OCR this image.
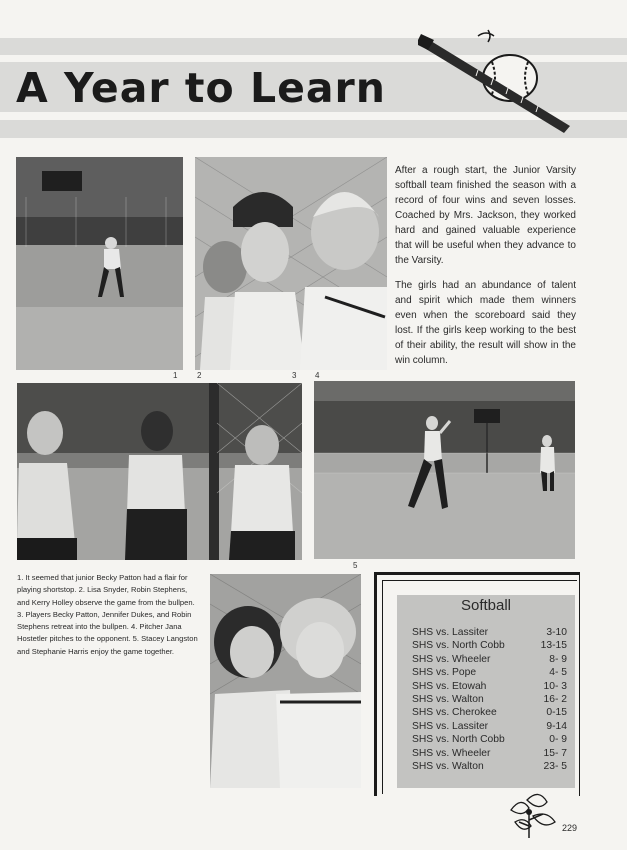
A Year to Learn
1 2	3 4
5

After a rough start, the Junior Varsity softball team finished the season with a record of four wins and seven losses. Coached by Mrs. Jackson, they worked hard and gained valuable experience that will be useful when they advance to the Varsity.

The girls had an abundance of talent and spirit which made them winners even when the scoreboard said they lost. If the girls keep working to the best of their ability, the result will show in the win column.

1. It seemed that junior Becky Patton had a flair for playing shortstop. 2. Lisa Snyder, Robin Stephens, and Kerry Holley observe the game from the bullpen. 3. Players Becky Patton, Jennifer Dukes, and Robin Stephens retreat into the bullpen. 4. Pitcher Jana Hostetler pitches to the opponent. 5. Stacey Langston and Stephanie Harris enjoy the game together.

Softball
SHS vs. Lassiter	3-10
SHS vs. North Cobb	13-15
SHS vs. Wheeler	8- 9
SHS vs. Pope	4- 5
SHS vs. Etowah	10- 3
SHS vs. Walton	16- 2
SHS vs. Cherokee	0-15
SHS vs. Lassiter	9-14
SHS vs. North Cobb	0- 9
SHS vs. Wheeler	15- 7
SHS vs. Walton	23- 5
229
